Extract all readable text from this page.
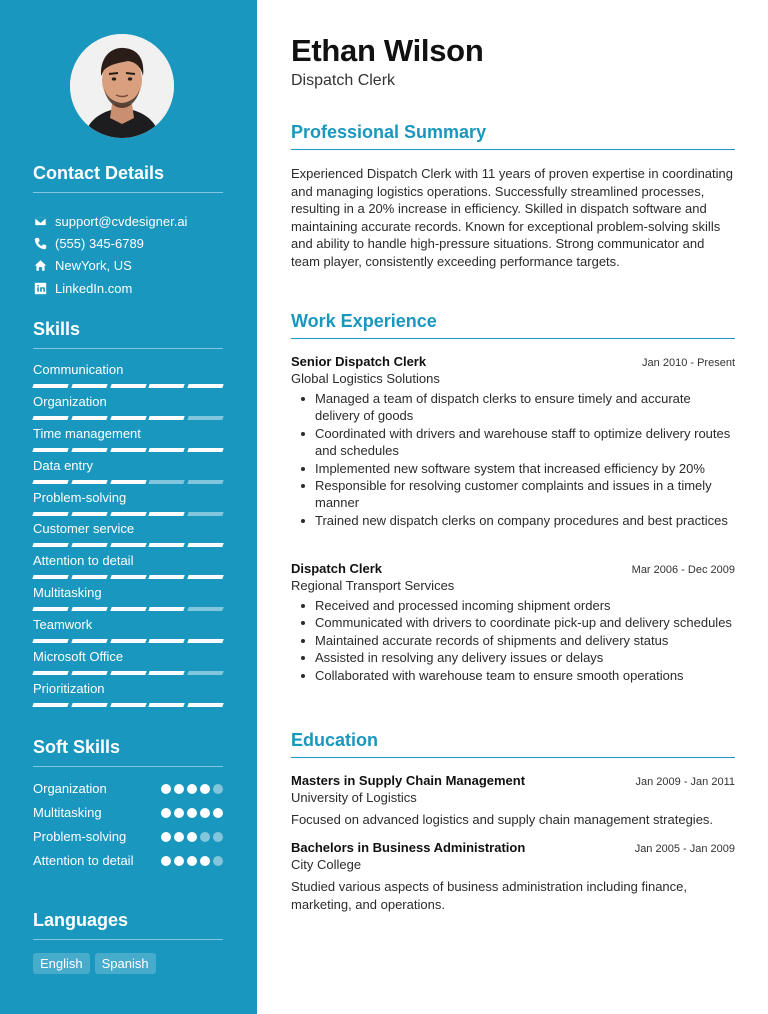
Contact Details
support@cvdesigner.ai
(555) 345-6789
NewYork, US
LinkedIn.com
Skills
Communication
Organization
Time management
Data entry
Problem-solving
Customer service
Attention to detail
Multitasking
Teamwork
Microsoft Office
Prioritization
Soft Skills
Organization
Multitasking
Problem-solving
Attention to detail
Languages
English	Spanish
Ethan Wilson
Dispatch Clerk
Professional Summary
Experienced Dispatch Clerk with 11 years of proven expertise in coordinating and managing logistics operations. Successfully streamlined processes, resulting in a 20% increase in efficiency. Skilled in dispatch software and maintaining accurate records. Known for exceptional problem-solving skills and ability to handle high-pressure situations. Strong communicator and team player, consistently exceeding performance targets.
Work Experience
Senior Dispatch Clerk	Jan 2010 - Present
Global Logistics Solutions
Managed a team of dispatch clerks to ensure timely and accurate delivery of goods
Coordinated with drivers and warehouse staff to optimize delivery routes and schedules
Implemented new software system that increased efficiency by 20%
Responsible for resolving customer complaints and issues in a timely manner
Trained new dispatch clerks on company procedures and best practices
Dispatch Clerk	Mar 2006 - Dec 2009
Regional Transport Services
Received and processed incoming shipment orders
Communicated with drivers to coordinate pick-up and delivery schedules
Maintained accurate records of shipments and delivery status
Assisted in resolving any delivery issues or delays
Collaborated with warehouse team to ensure smooth operations
Education
Masters in Supply Chain Management	Jan 2009 - Jan 2011
University of Logistics
Focused on advanced logistics and supply chain management strategies.
Bachelors in Business Administration	Jan 2005 - Jan 2009
City College
Studied various aspects of business administration including finance, marketing, and operations.
